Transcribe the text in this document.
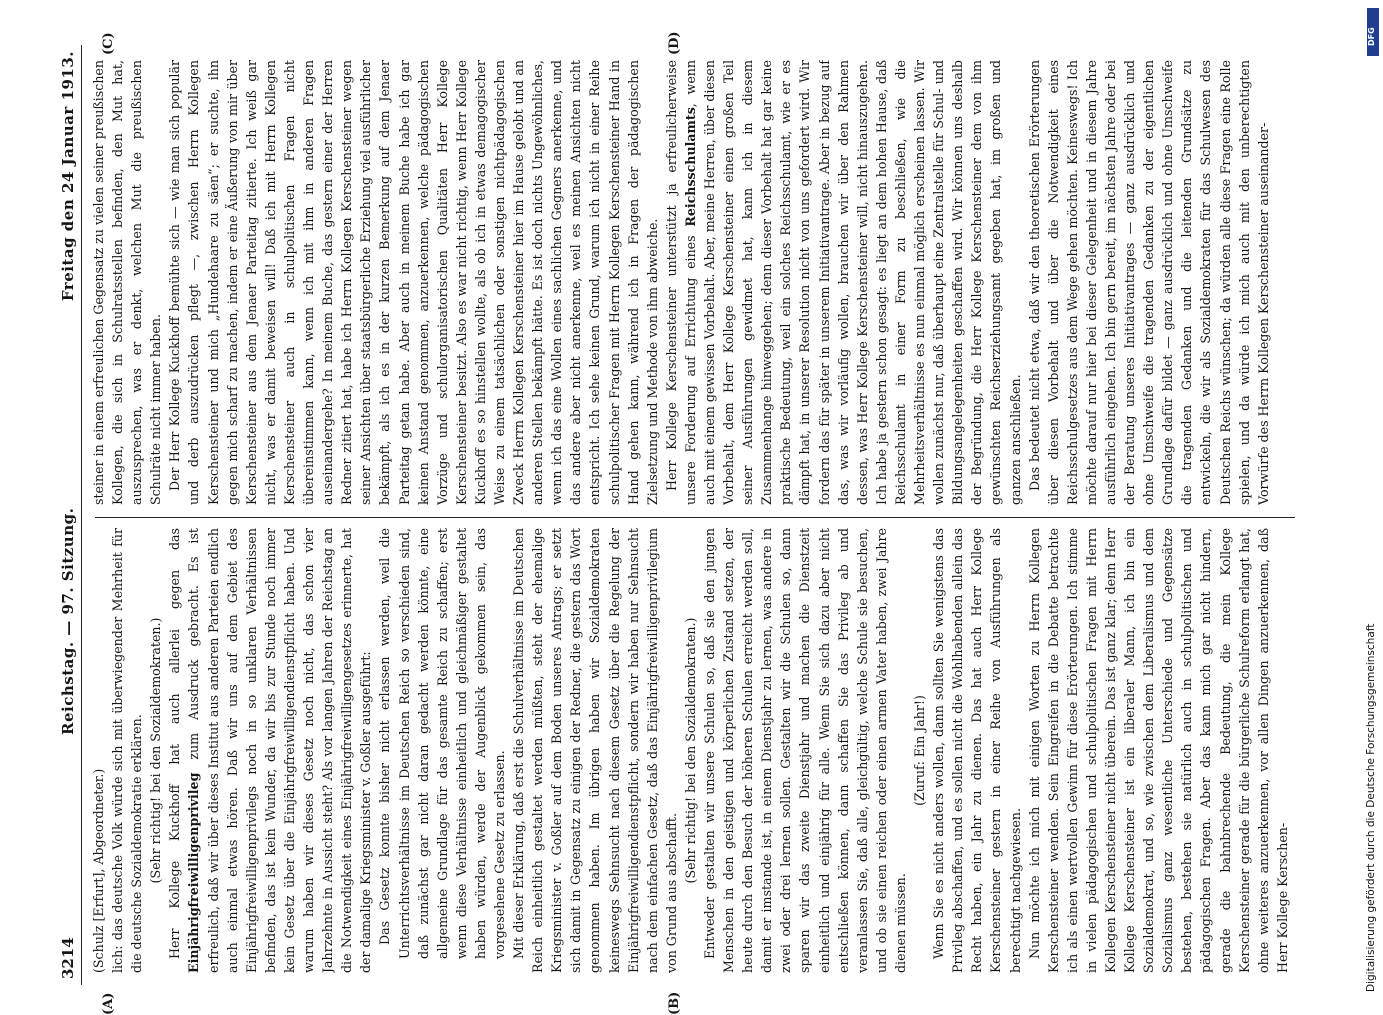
3214
Reichstag. — 97. Sitzung.
Freitag den 24 Januar 1913.
(A)	(B)
(C)	(D)

(Schulz [Erfurt], Abgeordneter.) lich: das deutsche Volk würde sich mit überwiegender Mehrheit für die deutsche Sozialdemokratie erklären. (Sehr richtig! bei den Sozialdemokraten.) Herr Kollege Kuckhoff hat auch allerlei gegen das Einjährigfreiwilligenprivileg zum Ausdruck gebracht. Es ist erfreulich, daß wir über dieses Institut aus anderen Parteien endlich auch einmal etwas hören. Daß wir uns auf dem Gebiet des Einjährigfreiwilligenprivilegs noch in so unklaren Verhältnissen befinden, das ist kein Wunder, da wir bis zur Stunde noch immer kein Gesetz über die Einjährigfreiwilligendienstpflicht haben. Und warum haben wir dieses Gesetz noch nicht, das schon vier Jahrzehnte in Aussicht steht? Als vor langen Jahren der Reichstag an die Notwendigkeit eines Einjährigfreiwilligengesetzes erinnerte, hat der damalige Kriegsminister v. Goßler ausgeführt: Das Gesetz konnte bisher nicht erlassen werden, weil die Unterrichtsverhältnisse im Deutschen Reich so verschieden sind, daß zunächst gar nicht daran gedacht werden könnte, eine allgemeine Grundlage für das gesamte Reich zu schaffen; erst wenn diese Verhältnisse einheitlich und gleichmäßiger gestaltet haben würden, werde der Augenblick gekommen sein, das vorgesehene Gesetz zu erlassen. Mit dieser Erklärung, daß erst die Schulverhältnisse im Deutschen Reich einheitlich gestaltet werden müßten, steht der ehemalige Kriegsminister v. Goßler auf dem Boden unseres Antrags; er setzt sich damit in Gegensatz zu einigen der Redner, die gestern das Wort genommen haben. Im übrigen haben wir Sozialdemokraten keineswegs Sehnsucht nach diesem Gesetz über die Regelung der Einjährigfreiwilligendienstpflicht, sondern wir haben nur Sehnsucht nach dem einfachen Gesetz, daß das Einjährigfreiwilligenprivilegium von Grund aus abschafft.

(Sehr richtig! bei den Sozialdemokraten.) Entweder gestalten wir unsere Schulen so, daß sie den jungen Menschen in den geistigen und körperlichen Zustand setzen, der heute durch den Besuch der höheren Schulen erreicht werden soll, damit er imstande ist, in einem Dienstjahr zu lernen, was andere in zwei oder drei lernen sollen. Gestalten wir die Schulen so, dann sparen wir das zweite Dienstjahr und machen die Dienstzeit einheitlich und einjährig für alle. Wenn Sie sich dazu aber nicht entschließen können, dann schaffen Sie das Privileg ab und veranlassen Sie, daß alle, gleichgültig, welche Schule sie besuchen, und ob sie einen reichen oder einen armen Vater haben, zwei Jahre dienen müssen.

(Zuruf: Ein Jahr!) Wenn Sie es nicht anders wollen, dann sollten Sie wenigstens das Privileg abschaffen, und es sollen nicht die Wohlhabenden allein das Recht haben, ein Jahr zu dienen. Das hat auch Herr Kollege Kerschensteiner gestern in einer Reihe von Ausführungen als berechtigt nachgewiesen. Nun möchte ich mich mit einigen Worten zu Herrn Kollegen Kerschensteiner wenden. Sein Eingreifen in die Debatte betrachte ich als einen wertvollen Gewinn für diese Erörterungen. Ich stimme in vielen pädagogischen und schulpolitischen Fragen mit Herrn Kollegen Kerschensteiner nicht überein. Das ist ganz klar; denn Herr Kollege Kerschensteiner ist ein liberaler Mann, ich bin ein Sozialdemokrat, und so, wie zwischen dem Liberalismus und dem Sozialismus ganz wesentliche Unterschiede und Gegensätze bestehen, bestehen sie natürlich auch in schulpolitischen und pädagogischen Fragen. Aber das kann mich gar nicht hindern, gerade die bahnbrechende Bedeutung, die mein Kollege Kerschensteiner gerade für die bürgerliche Schulreform erlangt hat, ohne weiteres anzuerkennen, vor allen Dingen anzuerkennen, daß Herr Kollege Kerschen-

steiner in einem erfreulichen Gegensatz zu vielen seiner preußischen Kollegen, die sich in Schulratsstellen befinden, den Mut hat, auszusprechen, was er denkt, welchen Mut die preußischen Schulräte nicht immer haben. Der Herr Kollege Kuckhoff bemühte sich — wie man sich populär und derb auszudrücken pflegt —, zwischen Herrn Kollegen Kerschensteiner und mich „Hundehaare zu säen“; er suchte, ihn gegen mich scharf zu machen, indem er eine Äußerung von mir über Kerschensteiner aus dem Jenaer Parteitag zitierte. Ich weiß gar nicht, was er damit beweisen will! Daß ich mit Herrn Kollegen Kerschensteiner auch in schulpolitischen Fragen nicht übereinstimmen kann, wenn ich mit ihm in anderen Fragen auseinandergehe? In meinem Buche, das gestern einer der Herren Redner zitiert hat, habe ich Herrn Kollegen Kerschensteiner wegen seiner Ansichten über staatsbürgerliche Erziehung viel ausführlicher bekämpft, als ich es in der kurzen Bemerkung auf dem Jenaer Parteitag getan habe. Aber auch in meinem Buche habe ich gar keinen Anstand genommen, anzuerkennen, welche pädagogischen Vorzüge und schulorganisatorischen Qualitäten Herr Kollege Kerschensteiner besitzt. Also es war nicht richtig, wenn Herr Kollege Kuckhoff es so hinstellen wollte, als ob ich in etwas demagogischer Weise zu einem tatsächlichen oder sonstigen nichtpädagogischen Zweck Herrn Kollegen Kerschensteiner hier im Hause gelobt und an anderen Stellen bekämpft hätte. Es ist doch nichts Ungewöhnliches, wenn ich das eine Wollen eines sachlichen Gegners anerkenne, und das andere aber nicht anerkenne, weil es meinen Ansichten nicht entspricht. Ich sehe keinen Grund, warum ich nicht in einer Reihe schulpolitischer Fragen mit Herrn Kollegen Kerschensteiner Hand in Hand gehen kann, während ich in Fragen der pädagogischen Zielsetzung und Methode von ihm abweiche. Herr Kollege Kerschensteiner unterstützt ja erfreulicherweise unsere Forderung auf Errichtung eines Reichsschulamts, wenn auch mit einem gewissen Vorbehalt. Aber, meine Herren, über diesen Vorbehalt, dem Herr Kollege Kerschensteiner einen großen Teil seiner Ausführungen gewidmet hat, kann ich in diesem Zusammenhange hinweggehen; denn dieser Vorbehalt hat gar keine praktische Bedeutung, weil ein solches Reichsschulamt, wie er es dämpft hat, in unserer Resolution nicht von uns gefordert wird. Wir fordern das für später in unserem Initiativantrage. Aber in bezug auf das, was wir vorläufig wollen, brauchen wir über den Rahmen dessen, was Herr Kollege Kerschensteiner will, nicht hinauszugehen. Ich habe ja gestern schon gesagt: es liegt an dem hohen Hause, daß Reichsschulamt in einer Form zu beschließen, wie die Mehrheitsverhältnisse es nun einmal möglich erscheinen lassen. Wir wollen zunächst nur, daß überhaupt eine Zentralstelle für Schul- und Bildungsangelegenheiten geschaffen wird. Wir können uns deshalb der Begründung, die Herr Kollege Kerschensteiner dem von ihm gewünschten Reichserziehungsamt gegeben hat, im großen und ganzen anschließen. Das bedeutet nicht etwa, daß wir den theoretischen Erörterungen über diesen Vorbehalt und über die Notwendigkeit eines Reichsschulgesetzes aus dem Wege gehen möchten. Keineswegs! Ich möchte darauf nur hier bei dieser Gelegenheit und in diesem Jahre ausführlich eingehen. Ich bin gern bereit, im nächsten Jahre oder bei der Beratung unseres Initiativantrages — ganz ausdrücklich und ohne Umschweife die tragenden Gedanken zu der eigentlichen Grundlage dafür bildet — ganz ausdrücklich und ohne Umschweife die tragenden Gedanken und die leitenden Grundsätze zu entwickeln, die wir als Sozialdemokraten für das Schulwesen des Deutschen Reichs wünschen; da würden alle diese Fragen eine Rolle spielen, und da würde ich mich auch mit den unberechtigten Vorwürfe des Herrn Kollegen Kerschensteiner auseinander-

DFG
Digitalisierung gefördert durch die Deutsche Forschungsgemeinschaft
